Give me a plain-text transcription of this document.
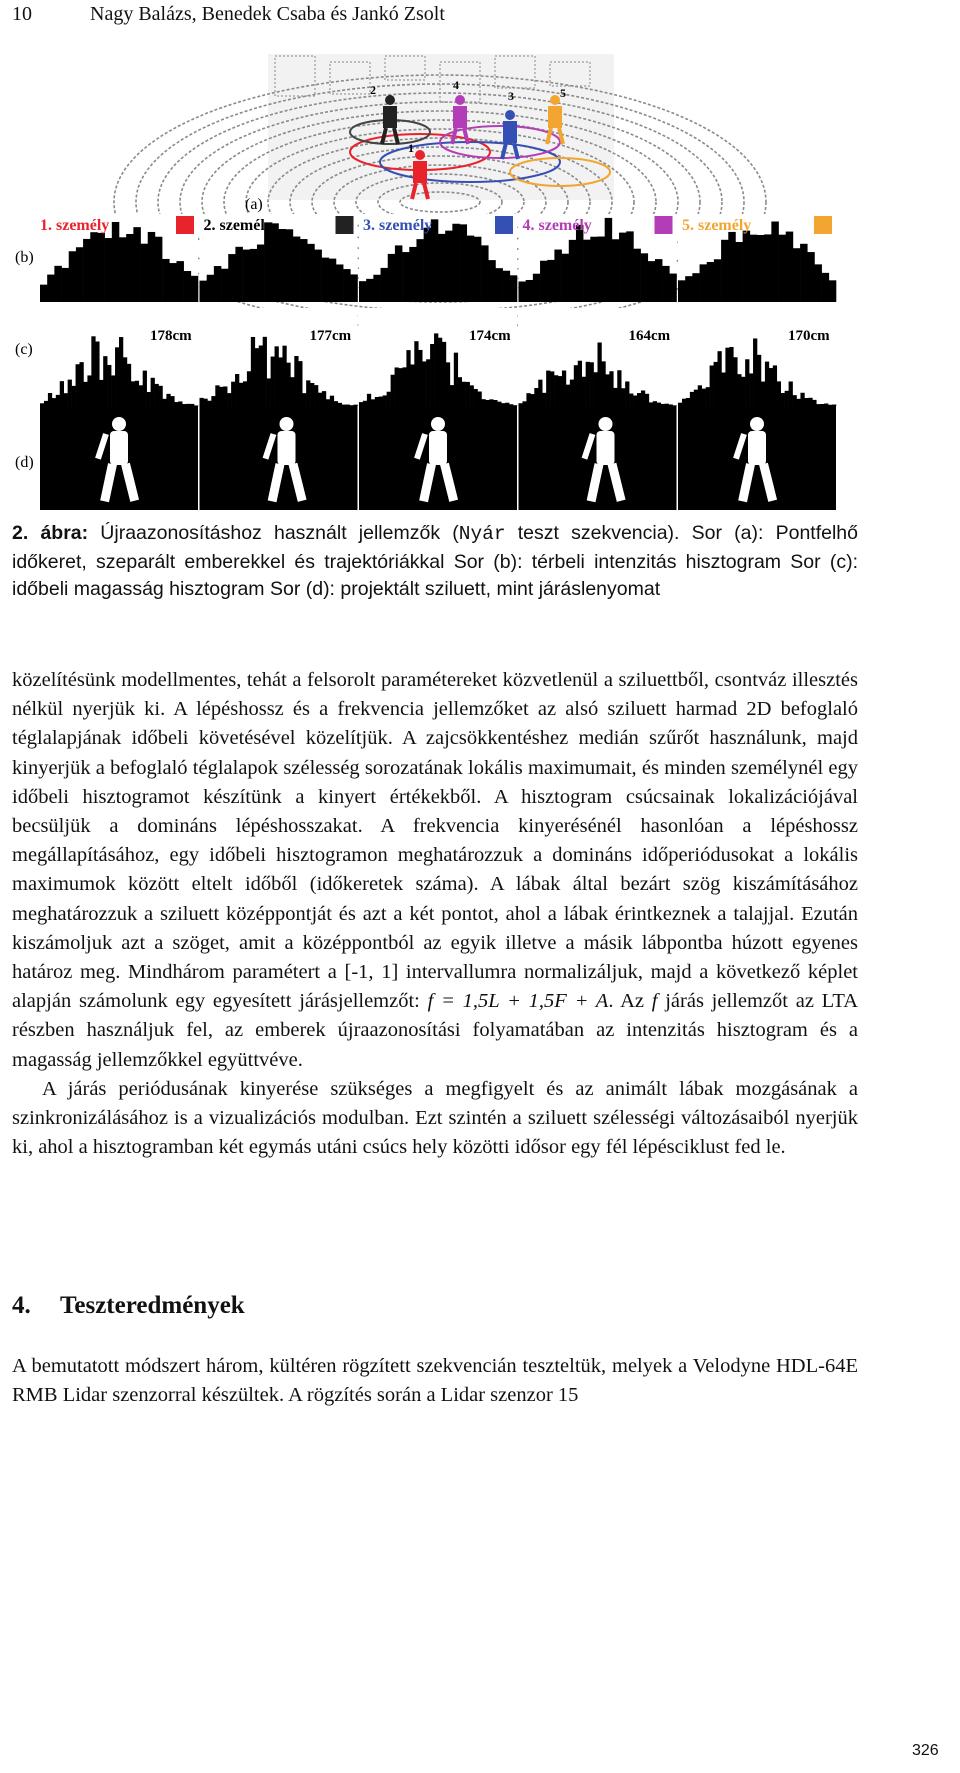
10	Nagy Balázs, Benedek Csaba és Jankó Zsolt
1
2	3
4
5
(a)
(b)
(c)
(d)
1. személy
178cm
2. személy
177cm
3. személy
174cm
4. személy
164cm
5. személy
170cm
2. ábra: Újraazonosításhoz használt jellemzők (Nyár teszt szekvencia). Sor (a): Pontfelhő időkeret, szeparált emberekkel és trajektóriákkal Sor (b): térbeli intenzitás hisztogram Sor (c): időbeli magasság hisztogram Sor (d): projektált sziluett, mint járáslenyomat

közelítésünk modellmentes, tehát a felsorolt paramétereket közvetlenül a sziluettből, csontváz illesztés nélkül nyerjük ki. A lépéshossz és a frekvencia jellemzőket az alsó sziluett harmad 2D befoglaló téglalapjának időbeli követésével közelítjük. A zajcsökkentéshez medián szűrőt használunk, majd kinyerjük a befoglaló téglalapok szélesség sorozatának lokális maximumait, és minden személynél egy időbeli hisztogramot készítünk a kinyert értékekből. A hisztogram csúcsainak lokalizációjával becsüljük a domináns lépéshosszakat. A frekvencia kinyerésénél hasonlóan a lépéshossz megállapításához, egy időbeli hisztogramon meghatározzuk a domináns időperiódusokat a lokális maximumok között eltelt időből (időkeretek száma). A lábak által bezárt szög kiszámításához meghatározzuk a sziluett középpontját és azt a két pontot, ahol a lábak érintkeznek a talajjal. Ezután kiszámoljuk azt a szöget, amit a középpontból az egyik illetve a másik lábpontba húzott egyenes határoz meg. Mindhárom paramétert a [-1, 1] intervallumra normalizáljuk, majd a következő képlet alapján számolunk egy egyesített járásjellemzőt: f = 1,5L + 1,5F + A. Az f járás jellemzőt az LTA részben használjuk fel, az emberek újraazonosítási folyamatában az intenzitás hisztogram és a magasság jellemzőkkel együttvéve.

A járás periódusának kinyerése szükséges a megfigyelt és az animált lábak mozgásának a szinkronizálásához is a vizualizációs modulban. Ezt szintén a sziluett szélességi változásaiból nyerjük ki, ahol a hisztogramban két egymás utáni csúcs hely közötti idősor egy fél lépésciklust fed le.

4. Teszteredmények

A bemutatott módszert három, kültéren rögzített szekvencián teszteltük, melyek a Velodyne HDL-64E RMB Lidar szenzorral készültek. A rögzítés során a Lidar szenzor 15

326
